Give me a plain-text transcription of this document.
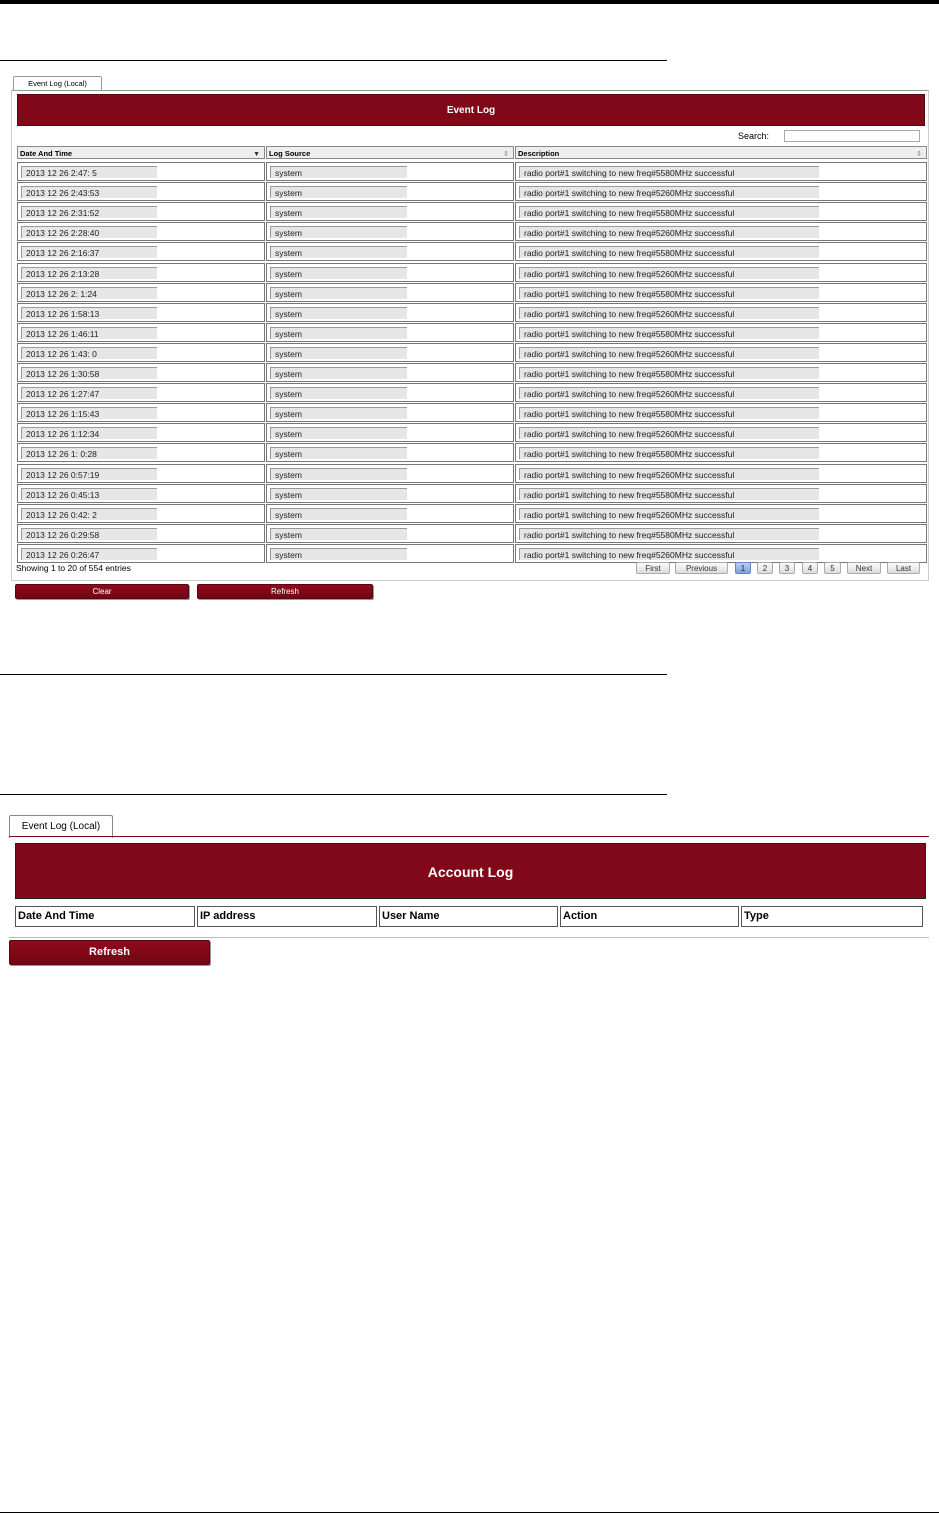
Event Log (Local)
Event Log
Search:
Date And Time	▼	Log Source	⇕	Description	⇕
2013 12 26 2:47: 5	system	radio port#1 switching to new freq#5580MHz successful
2013 12 26 2:43:53	system	radio port#1 switching to new freq#5260MHz successful
2013 12 26 2:31:52	system	radio port#1 switching to new freq#5580MHz successful
2013 12 26 2:28:40	system	radio port#1 switching to new freq#5260MHz successful
2013 12 26 2:16:37	system	radio port#1 switching to new freq#5580MHz successful
2013 12 26 2:13:28	system	radio port#1 switching to new freq#5260MHz successful
2013 12 26 2: 1:24	system	radio port#1 switching to new freq#5580MHz successful
2013 12 26 1:58:13	system	radio port#1 switching to new freq#5260MHz successful
2013 12 26 1:46:11	system	radio port#1 switching to new freq#5580MHz successful
2013 12 26 1:43: 0	system	radio port#1 switching to new freq#5260MHz successful
2013 12 26 1:30:58	system	radio port#1 switching to new freq#5580MHz successful
2013 12 26 1:27:47	system	radio port#1 switching to new freq#5260MHz successful
2013 12 26 1:15:43	system	radio port#1 switching to new freq#5580MHz successful
2013 12 26 1:12:34	system	radio port#1 switching to new freq#5260MHz successful
2013 12 26 1: 0:28	system	radio port#1 switching to new freq#5580MHz successful
2013 12 26 0:57:19	system	radio port#1 switching to new freq#5260MHz successful
2013 12 26 0:45:13	system	radio port#1 switching to new freq#5580MHz successful
2013 12 26 0:42: 2	system	radio port#1 switching to new freq#5260MHz successful
2013 12 26 0:29:58	system	radio port#1 switching to new freq#5580MHz successful
2013 12 26 0:26:47	system	radio port#1 switching to new freq#5260MHz successful
Showing 1 to 20 of 554 entries	First	Previous	1	2	3	4	5	Next	Last
Clear	Refresh
Event Log (Local)
Account Log
Date And Time	IP address	User Name	Action	Type
Refresh
